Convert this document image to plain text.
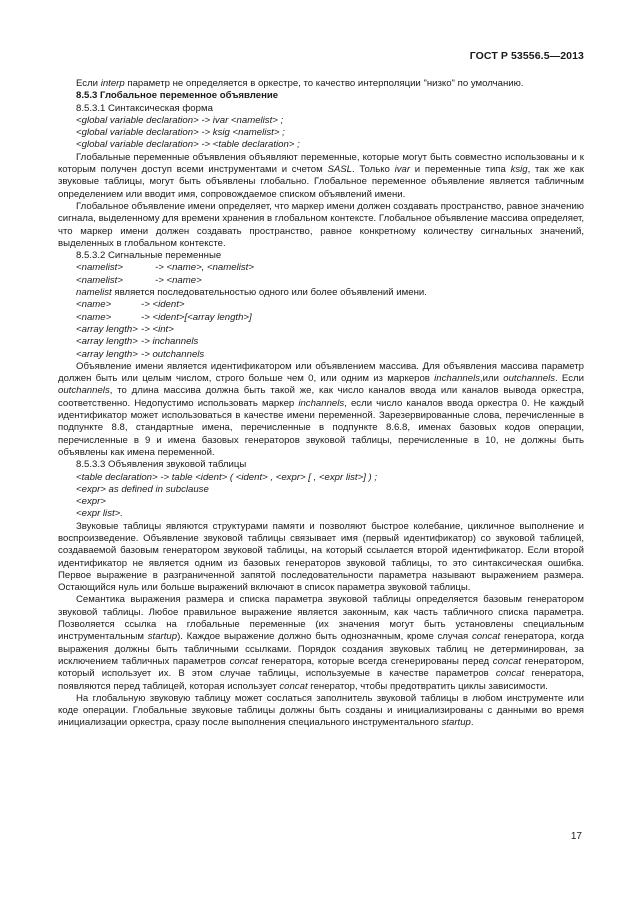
ГОСТ Р 53556.5—2013

Если interp параметр не определяется в оркестре, то качество интерполяции "низко" по умолчанию.

8.5.3 Глобальное переменное объявление

8.5.3.1 Синтаксическая форма

<global variable declaration> -> ivar <namelist> ;

<global variable declaration> -> ksig <namelist> ;

<global variable declaration> -> <table declaration> ;

Глобальные переменные объявления объявляют переменные, которые могут быть совместно использованы и к которым получен доступ всеми инструментами и счетом SASL. Только ivar и переменные типа ksig, так же как звуковые таблицы, могут быть объявлены глобально. Глобальное переменное объявление является табличным определением или вводит имя, сопровождаемое списком объявлений имени.

Глобальное объявление имени определяет, что маркер имени должен создавать пространство, равное значению сигнала, выделенному для времени хранения в глобальном контексте. Глобальное объявление массива определяет, что маркер имени должен создавать пространство, равное конкретному количеству сигнальных значений, выделенных в глобальном контексте.

8.5.3.2 Сигнальные переменные

<namelist>	-> <name>, <namelist>

<namelist>	-> <name>

namelist является последовательностью одного или более объявлений имени.

<name>	-> <ident>

<name>	-> <ident>[<array length>]

<array length> -> <int>

<array length> -> inchannels

<array length> -> outchannels

Объявление имени является идентификатором или объявлением массива. Для объявления массива параметр должен быть или целым числом, строго больше чем 0, или одним из маркеров inchannels,или outchannels. Если outchannels, то длина массива должна быть такой же, как число каналов ввода или каналов вывода оркестра, соответственно. Недопустимо использовать маркер inchannels, если число каналов ввода оркестра 0. Не каждый идентификатор может использоваться в качестве имени переменной. Зарезервированные слова, перечисленные в подпункте 8.8, стандартные имена, перечисленные в подпункте 8.6.8, именах базовых кодов операции, перечисленные в 9 и имена базовых генераторов звуковой таблицы, перечисленные в 10, не должны быть объявлены как имена переменной.

8.5.3.3 Объявления звуковой таблицы

<table declaration> -> table <ident> ( <ident> , <expr> [ , <expr list>] ) ;

<expr> as defined in subclause

<expr>

<expr list>.

Звуковые таблицы являются структурами памяти и позволяют быстрое колебание, цикличное выполнение и воспроизведение. Объявление звуковой таблицы связывает имя (первый идентификатор) со звуковой таблицей, создаваемой базовым генератором звуковой таблицы, на который ссылается второй идентификатор. Если второй идентификатор не является одним из базовых генераторов звуковой таблицы, то это синтаксическая ошибка. Первое выражение в разграниченной запятой последовательности параметра называют выражением размера. Остающийся нуль или больше выражений включают в список параметра звуковой таблицы.

Семантика выражения размера и списка параметра звуковой таблицы определяется базовым генератором звуковой таблицы. Любое правильное выражение является законным, как часть табличного списка параметра. Позволяется ссылка на глобальные переменные (их значения могут быть установлены специальным инструментальным startup). Каждое выражение должно быть однозначным, кроме случая concat генератора, когда выражения должны быть табличными ссылками. Порядок создания звуковых таблиц не детерминирован, за исключением табличных параметров concat генератора, которые всегда сгенерированы перед concat генератором, который использует их. В этом случае таблицы, используемые в качестве параметров concat генератора, появляются перед таблицей, которая использует concat генератор, чтобы предотвратить циклы зависимости.

На глобальную звуковую таблицу может сослаться заполнитель звуковой таблицы в любом инструменте или коде операции. Глобальные звуковые таблицы должны быть созданы и инициализированы с данными во время инициализации оркестра, сразу после выполнения специального инструментального startup.

17
